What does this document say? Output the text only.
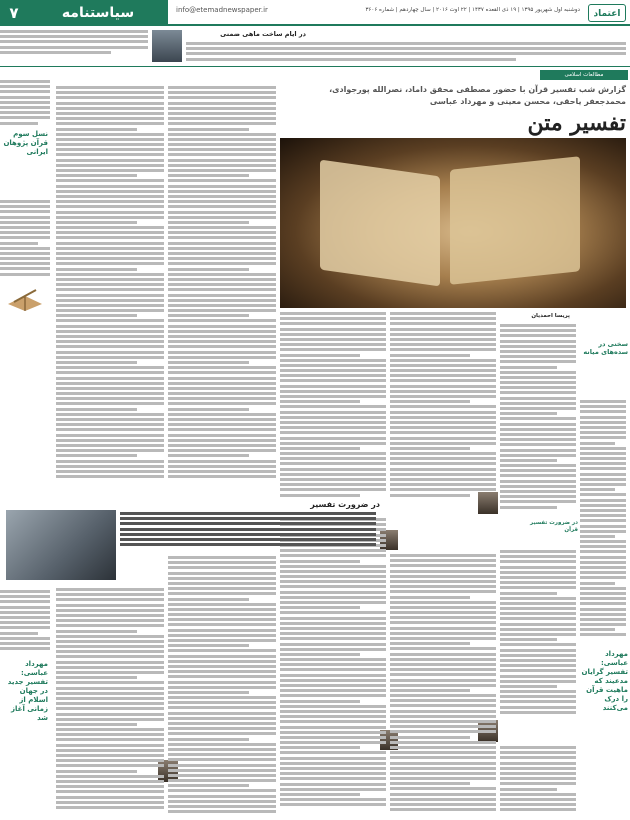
۷	سیاستنامه	info@etemadnewspaper.ir	دوشنبه اول شهریور ۱۳۹۵ | ۱۹ ذی القعده ۱۴۳۷ | ۲۲ اوت ۲۰۱۶ | سال چهاردهم | شماره ۳۶۰۶	اعتماد
در ایام ساخت ماهی ضمنی
مطالعات اسلامی
گزارش شب تفسیر قرآن با حضور مصطفی محقق داماد، نصرالله پورجوادی، محمدجعفر یاحقی، محسن معینی و مهرداد عباسی
تفسیر متن
نسل سوم قرآن پژوهان ایرانی
پریسا احمدیان
در ضرورت تفسیر قرآن
سخنی در سده‌های میانه
مهرداد عباسی: تفسیر گرایان مدعیند که ماهیت قرآن را درک می‌کنند
در ضرورت تفسیر
مهرداد عباسی: تفسیر جدید در جهان اسلام از زمانی آغاز شد
